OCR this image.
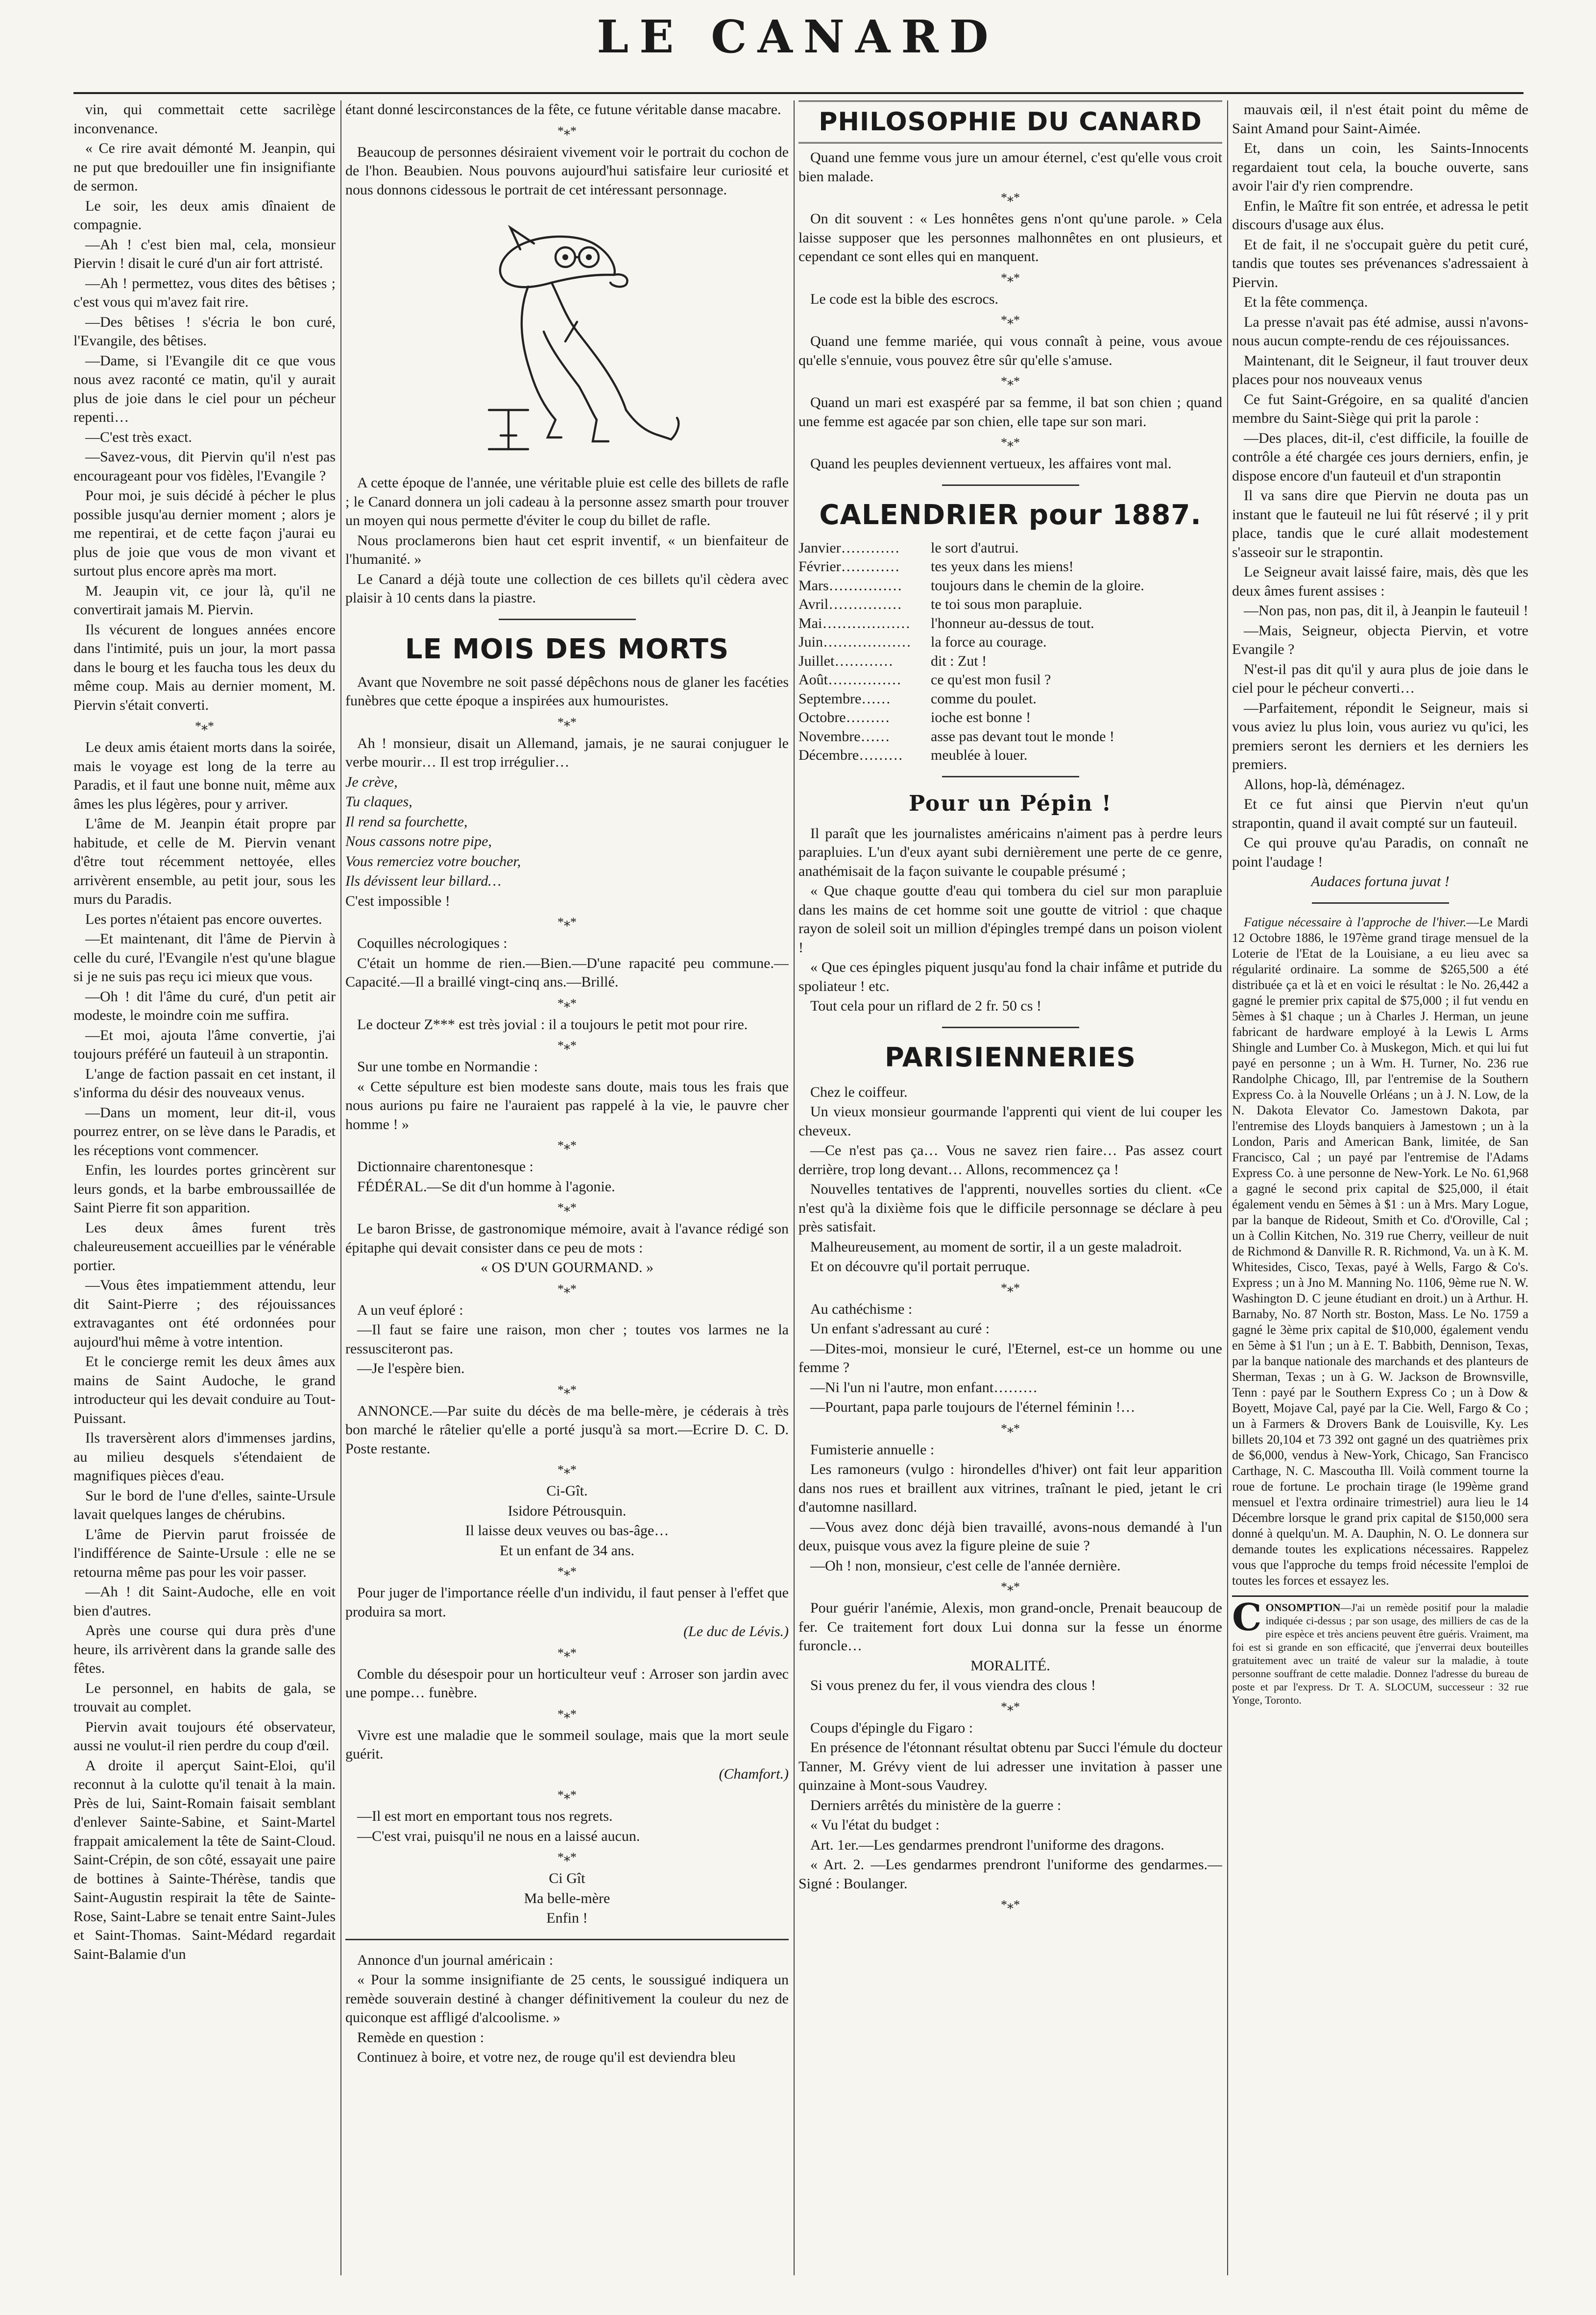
LE CANARD

vin, qui commettait cette sacrilège inconvenance.

« Ce rire avait démonté M. Jeanpin, qui ne put que bredouiller une fin insignifiante de sermon.

Le soir, les deux amis dînaient de compagnie.

—Ah ! c'est bien mal, cela, monsieur Piervin ! disait le curé d'un air fort attristé.

—Ah ! permettez, vous dites des bêtises ; c'est vous qui m'avez fait rire.

—Des bêtises ! s'écria le bon curé, l'Evangile, des bêtises.

—Dame, si l'Evangile dit ce que vous nous avez raconté ce matin, qu'il y aurait plus de joie dans le ciel pour un pécheur repenti…

—C'est très exact.

—Savez-vous, dit Piervin qu'il n'est pas encourageant pour vos fidèles, l'Evangile ?

Pour moi, je suis décidé à pécher le plus possible jusqu'au dernier moment ; alors je me repentirai, et de cette façon j'aurai eu plus de joie que vous de mon vivant et surtout plus encore après ma mort.

M. Jeaupin vit, ce jour là, qu'il ne convertirait jamais M. Piervin.

Ils vécurent de longues années encore dans l'intimité, puis un jour, la mort passa dans le bourg et les faucha tous les deux du même coup. Mais au dernier moment, M. Piervin s'était converti.

*⁎*

Le deux amis étaient morts dans la soirée, mais le voyage est long de la terre au Paradis, et il faut une bonne nuit, même aux âmes les plus légères, pour y arriver.

L'âme de M. Jeanpin était propre par habitude, et celle de M. Piervin venant d'être tout récemment nettoyée, elles arrivèrent ensemble, au petit jour, sous les murs du Paradis.

Les portes n'étaient pas encore ouvertes.

—Et maintenant, dit l'âme de Piervin à celle du curé, l'Evangile n'est qu'une blague si je ne suis pas reçu ici mieux que vous.

—Oh ! dit l'âme du curé, d'un petit air modeste, le moindre coin me suffira.

—Et moi, ajouta l'âme convertie, j'ai toujours préféré un fauteuil à un strapontin.

L'ange de faction passait en cet instant, il s'informa du désir des nouveaux venus.

—Dans un moment, leur dit-il, vous pourrez entrer, on se lève dans le Paradis, et les réceptions vont commencer.

Enfin, les lourdes portes grincèrent sur leurs gonds, et la barbe embroussaillée de Saint Pierre fit son apparition.

Les deux âmes furent très chaleureusement accueillies par le vénérable portier.

—Vous êtes impatiemment attendu, leur dit Saint-Pierre ; des réjouissances extravagantes ont été ordonnées pour aujourd'hui même à votre intention.

Et le concierge remit les deux âmes aux mains de Saint Audoche, le grand introducteur qui les devait conduire au Tout-Puissant.

Ils traversèrent alors d'immenses jardins, au milieu desquels s'étendaient de magnifiques pièces d'eau.

Sur le bord de l'une d'elles, sainte-Ursule lavait quelques langes de chérubins.

L'âme de Piervin parut froissée de l'indifférence de Sainte-Ursule : elle ne se retourna même pas pour les voir passer.

—Ah ! dit Saint-Audoche, elle en voit bien d'autres.

Après une course qui dura près d'une heure, ils arrivèrent dans la grande salle des fêtes.

Le personnel, en habits de gala, se trouvait au complet.

Piervin avait toujours été observateur, aussi ne voulut-il rien perdre du coup d'œil.

A droite il aperçut Saint-Eloi, qu'il reconnut à la culotte qu'il tenait à la main. Près de lui, Saint-Romain faisait semblant d'enlever Sainte-Sabine, et Saint-Martel frappait amicalement la tête de Saint-Cloud. Saint-Crépin, de son côté, essayait une paire de bottines à Sainte-Thérèse, tandis que Saint-Augustin respirait la tête de Sainte-Rose, Saint-Labre se tenait entre Saint-Jules et Saint-Thomas. Saint-Médard regardait Saint-Balamie d'un

étant donné lescirconstances de la fête, ce futune véritable danse macabre.

*⁎*

Beaucoup de personnes désiraient vivement voir le portrait du cochon de de l'hon. Beaubien. Nous pouvons aujourd'hui satisfaire leur curiosité et nous donnons cidessous le portrait de cet intéressant personnage.

A cette époque de l'année, une véritable pluie est celle des billets de rafle ; le Canard donnera un joli cadeau à la personne assez smarth pour trouver un moyen qui nous permette d'éviter le coup du billet de rafle.

Nous proclamerons bien haut cet esprit inventif, « un bienfaiteur de l'humanité. »

Le Canard a déjà toute une collection de ces billets qu'il cèdera avec plaisir à 10 cents dans la piastre.

LE MOIS DES MORTS

Avant que Novembre ne soit passé dépêchons nous de glaner les facéties funèbres que cette époque a inspirées aux humouristes.

*⁎*

Ah ! monsieur, disait un Allemand, jamais, je ne saurai conjuguer le verbe mourir… Il est trop irrégulier…

Je crève,

Tu claques,

Il rend sa fourchette,

Nous cassons notre pipe,

Vous remerciez votre boucher,

Ils dévissent leur billard…

C'est impossible !

*⁎*

Coquilles nécrologiques :

C'était un homme de rien.—Bien.—D'une rapacité peu commune.—Capacité.—Il a braillé vingt-cinq ans.—Brillé.

*⁎*

Le docteur Z*** est très jovial : il a toujours le petit mot pour rire.

*⁎*

Sur une tombe en Normandie :

« Cette sépulture est bien modeste sans doute, mais tous les frais que nous aurions pu faire ne l'auraient pas rappelé à la vie, le pauvre cher homme ! »

*⁎*

Dictionnaire charentonesque :

FÉDÉRAL.—Se dit d'un homme à l'agonie.

*⁎*

Le baron Brisse, de gastronomique mémoire, avait à l'avance rédigé son épitaphe qui devait consister dans ce peu de mots :

« OS D'UN GOURMAND. »

*⁎*

A un veuf éploré :

—Il faut se faire une raison, mon cher ; toutes vos larmes ne la ressusciteront pas.

—Je l'espère bien.

*⁎*

ANNONCE.—Par suite du décès de ma belle-mère, je céderais à très bon marché le râtelier qu'elle a porté jusqu'à sa mort.—Ecrire D. C. D. Poste restante.

*⁎*

Ci-Gît.

Isidore Pétrousquin.

Il laisse deux veuves ou bas-âge…

Et un enfant de 34 ans.

*⁎*

Pour juger de l'importance réelle d'un individu, il faut penser à l'effet que produira sa mort.

(Le duc de Lévis.)

*⁎*

Comble du désespoir pour un horticulteur veuf : Arroser son jardin avec une pompe… funèbre.

*⁎*

Vivre est une maladie que le sommeil soulage, mais que la mort seule guérit.

(Chamfort.)

*⁎*

—Il est mort en emportant tous nos regrets.

—C'est vrai, puisqu'il ne nous en a laissé aucun.

*⁎*

Ci Gît

Ma belle-mère

Enfin !

Annonce d'un journal américain :

« Pour la somme insignifiante de 25 cents, le soussigué indiquera un remède souverain destiné à changer définitivement la couleur du nez de quiconque est affligé d'alcoolisme. »

Remède en question :

Continuez à boire, et votre nez, de rouge qu'il est deviendra bleu

PHILOSOPHIE DU CANARD

Quand une femme vous jure un amour éternel, c'est qu'elle vous croit bien malade.

*⁎*

On dit souvent : « Les honnêtes gens n'ont qu'une parole. » Cela laisse supposer que les personnes malhonnêtes en ont plusieurs, et cependant ce sont elles qui en manquent.

*⁎*

Le code est la bible des escrocs.

*⁎*

Quand une femme mariée, qui vous connaît à peine, vous avoue qu'elle s'ennuie, vous pouvez être sûr qu'elle s'amuse.

*⁎*

Quand un mari est exaspéré par sa femme, il bat son chien ; quand une femme est agacée par son chien, elle tape sur son mari.

*⁎*

Quand les peuples deviennent vertueux, les affaires vont mal.

CALENDRIER pour 1887.
Janvier…………	le sort d'autrui.
Février…………	tes yeux dans les miens!
Mars……………	toujours dans le chemin de la gloire.
Avril……………	te toi sous mon parapluie.
Mai………………	l'honneur au-dessus de tout.
Juin………………	la force au courage.
Juillet…………	dit : Zut !
Août……………	ce qu'est mon fusil ?
Septembre……	comme du poulet.
Octobre………	ioche est bonne !
Novembre……	asse pas devant tout le monde !
Décembre………	meublée à louer.
Pour un Pépin !

Il paraît que les journalistes américains n'aiment pas à perdre leurs parapluies. L'un d'eux ayant subi dernièrement une perte de ce genre, anathémisait de la façon suivante le coupable présumé ;

« Que chaque goutte d'eau qui tombera du ciel sur mon parapluie dans les mains de cet homme soit une goutte de vitriol : que chaque rayon de soleil soit un million d'épingles trempé dans un poison violent !

« Que ces épingles piquent jusqu'au fond la chair infâme et putride du spoliateur ! etc.

Tout cela pour un riflard de 2 fr. 50 cs !

PARISIENNERIES

Chez le coiffeur.

Un vieux monsieur gourmande l'apprenti qui vient de lui couper les cheveux.

—Ce n'est pas ça… Vous ne savez rien faire… Pas assez court derrière, trop long devant… Allons, recommencez ça !

Nouvelles tentatives de l'apprenti, nouvelles sorties du client. «Ce n'est qu'à la dixième fois que le difficile personnage se déclare à peu près satisfait.

Malheureusement, au moment de sortir, il a un geste maladroit.

Et on découvre qu'il portait perruque.

*⁎*

Au cathéchisme :

Un enfant s'adressant au curé :

—Dites-moi, monsieur le curé, l'Eternel, est-ce un homme ou une femme ?

—Ni l'un ni l'autre, mon enfant………

—Pourtant, papa parle toujours de l'éternel féminin !…

*⁎*

Fumisterie annuelle :

Les ramoneurs (vulgo : hirondelles d'hiver) ont fait leur apparition dans nos rues et braillent aux vitrines, traînant le pied, jetant le cri d'automne nasillard.

—Vous avez donc déjà bien travaillé, avons-nous demandé à l'un deux, puisque vous avez la figure pleine de suie ?

—Oh ! non, monsieur, c'est celle de l'année dernière.

*⁎*

Pour guérir l'anémie, Alexis, mon grand-oncle, Prenait beaucoup de fer. Ce traitement fort doux Lui donna sur la fesse un énorme furoncle…

MORALITÉ.

Si vous prenez du fer, il vous viendra des clous !

*⁎*

Coups d'épingle du Figaro :

En présence de l'étonnant résultat obtenu par Succi l'émule du docteur Tanner, M. Grévy vient de lui adresser une invitation à passer une quinzaine à Mont-sous Vaudrey.

Derniers arrêtés du ministère de la guerre :

« Vu l'état du budget :

Art. 1er.—Les gendarmes prendront l'uniforme des dragons.

« Art. 2. —Les gendarmes prendront l'uniforme des gendarmes.—Signé : Boulanger.

*⁎*

mauvais œil, il n'est était point du même de Saint Amand pour Saint-Aimée.

Et, dans un coin, les Saints-Innocents regardaient tout cela, la bouche ouverte, sans avoir l'air d'y rien comprendre.

Enfin, le Maître fit son entrée, et adressa le petit discours d'usage aux élus.

Et de fait, il ne s'occupait guère du petit curé, tandis que toutes ses prévenances s'adressaient à Piervin.

Et la fête commença.

La presse n'avait pas été admise, aussi n'avons-nous aucun compte-rendu de ces réjouissances.

Maintenant, dit le Seigneur, il faut trouver deux places pour nos nouveaux venus

Ce fut Saint-Grégoire, en sa qualité d'ancien membre du Saint-Siège qui prit la parole :

—Des places, dit-il, c'est difficile, la fouille de contrôle a été chargée ces jours derniers, enfin, je dispose encore d'un fauteuil et d'un strapontin

Il va sans dire que Piervin ne douta pas un instant que le fauteuil ne lui fût réservé ; il y prit place, tandis que le curé allait modestement s'asseoir sur le strapontin.

Le Seigneur avait laissé faire, mais, dès que les deux âmes furent assises :

—Non pas, non pas, dit il, à Jeanpin le fauteuil !

—Mais, Seigneur, objecta Piervin, et votre Evangile ?

N'est-il pas dit qu'il y aura plus de joie dans le ciel pour le pécheur converti…

—Parfaitement, répondit le Seigneur, mais si vous aviez lu plus loin, vous auriez vu qu'ici, les premiers seront les derniers et les derniers les premiers.

Allons, hop-là, déménagez.

Et ce fut ainsi que Piervin n'eut qu'un strapontin, quand il avait compté sur un fauteuil.

Ce qui prouve qu'au Paradis, on connaît ne point l'audage !

Audaces fortuna juvat !

Fatigue nécessaire à l'approche de l'hiver.—Le Mardi 12 Octobre 1886, le 197ème grand tirage mensuel de la Loterie de l'Etat de la Louisiane, a eu lieu avec sa régularité ordinaire. La somme de $265,500 a été distribuée ça et là et en voici le résultat : le No. 26,442 a gagné le premier prix capital de $75,000 ; il fut vendu en 5èmes à $1 chaque ; un à Charles J. Herman, un jeune fabricant de hardware employé à la Lewis L Arms Shingle and Lumber Co. à Muskegon, Mich. et qui lui fut payé en personne ; un à Wm. H. Turner, No. 236 rue Randolphe Chicago, Ill, par l'entremise de la Southern Express Co. à la Nouvelle Orléans ; un à J. N. Low, de la N. Dakota Elevator Co. Jamestown Dakota, par l'entremise des Lloyds banquiers à Jamestown ; un à la London, Paris and American Bank, limitée, de San Francisco, Cal ; un payé par l'entremise de l'Adams Express Co. à une personne de New-York. Le No. 61,968 a gagné le second prix capital de $25,000, il était également vendu en 5èmes à $1 : un à Mrs. Mary Logue, par la banque de Rideout, Smith et Co. d'Oroville, Cal ; un à Collin Kitchen, No. 319 rue Cherry, veilleur de nuit de Richmond & Danville R. R. Richmond, Va. un à K. M. Whitesides, Cisco, Texas, payé à Wells, Fargo & Co's. Express ; un à Jno M. Manning No. 1106, 9ème rue N. W. Washington D. C jeune étudiant en droit.) un à Arthur. H. Barnaby, No. 87 North str. Boston, Mass. Le No. 1759 a gagné le 3ème prix capital de $10,000, également vendu en 5ème à $1 l'un ; un à E. T. Babbith, Dennison, Texas, par la banque nationale des marchands et des planteurs de Sherman, Texas ; un à G. W. Jackson de Brownsville, Tenn : payé par le Southern Express Co ; un à Dow & Boyett, Mojave Cal, payé par la Cie. Well, Fargo & Co ; un à Farmers & Drovers Bank de Louisville, Ky. Les billets 20,104 et 73 392 ont gagné un des quatrièmes prix de $6,000, vendus à New-York, Chicago, San Francisco Carthage, N. C. Mascoutha Ill. Voilà comment tourne la roue de fortune. Le prochain tirage (le 199ème grand mensuel et l'extra ordinaire trimestriel) aura lieu le 14 Décembre lorsque le grand prix capital de $150,000 sera donné à quelqu'un. M. A. Dauphin, N. O. Le donnera sur demande toutes les explications nécessaires. Rappelez vous que l'approche du temps froid nécessite l'emploi de toutes les forces et essayez les.

CONSOMPTION—J'ai un remède positif pour la maladie indiquée ci-dessus ; par son usage, des milliers de cas de la pire espèce et très anciens peuvent être guéris. Vraiment, ma foi est si grande en son efficacité, que j'enverrai deux bouteilles gratuitement avec un traité de valeur sur la maladie, à toute personne souffrant de cette maladie. Donnez l'adresse du bureau de poste et par l'express. Dr T. A. SLOCUM, successeur : 32 rue Yonge, Toronto.
